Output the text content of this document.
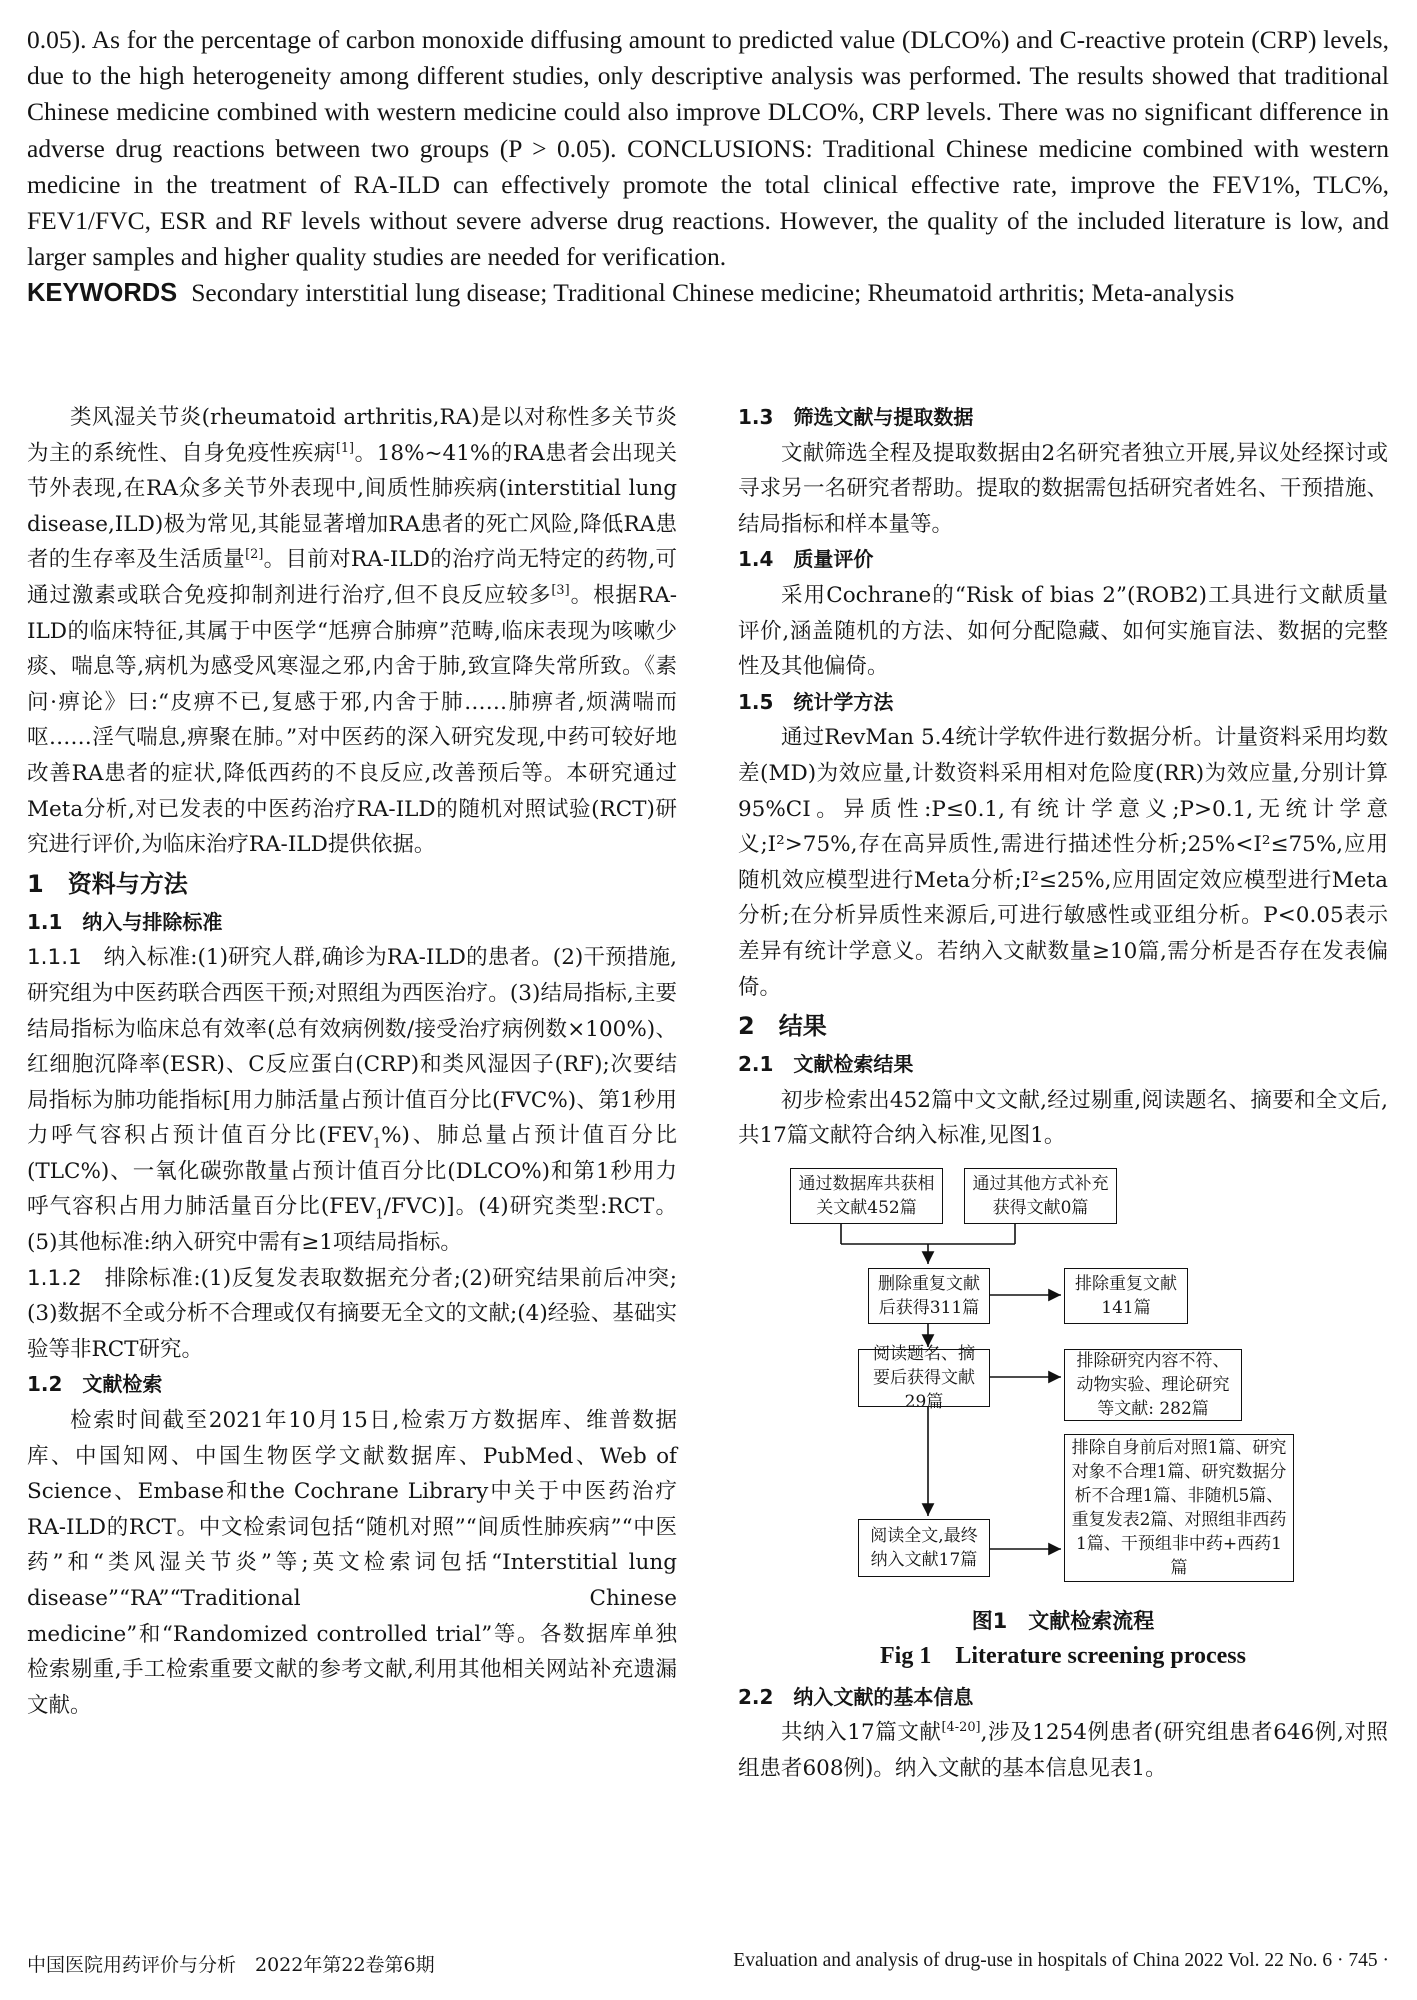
0.05). As for the percentage of carbon monoxide diffusing amount to predicted value (DLCO%) and C-reactive protein (CRP) levels, due to the high heterogeneity among different studies, only descriptive analysis was performed. The results showed that traditional Chinese medicine combined with western medicine could also improve DLCO%, CRP levels. There was no significant difference in adverse drug reactions between two groups (P > 0.05). CONCLUSIONS: Traditional Chinese medicine combined with western medicine in the treatment of RA-ILD can effectively promote the total clinical effective rate, improve the FEV1%, TLC%, FEV1/FVC, ESR and RF levels without severe adverse drug reactions. However, the quality of the included literature is low, and larger samples and higher quality studies are needed for verification.

KEYWORDS Secondary interstitial lung disease; Traditional Chinese medicine; Rheumatoid arthritis; Meta-analysis

类风湿关节炎(rheumatoid arthritis,RA)是以对称性多关节炎为主的系统性、自身免疫性疾病[1]。18%~41%的RA患者会出现关节外表现,在RA众多关节外表现中,间质性肺疾病(interstitial lung disease,ILD)极为常见,其能显著增加RA患者的死亡风险,降低RA患者的生存率及生活质量[2]。目前对RA-ILD的治疗尚无特定的药物,可通过激素或联合免疫抑制剂进行治疗,但不良反应较多[3]。根据RA-ILD的临床特征,其属于中医学“尪痹合肺痹”范畴,临床表现为咳嗽少痰、喘息等,病机为感受风寒湿之邪,内舍于肺,致宣降失常所致。《素问·痹论》曰:“皮痹不已,复感于邪,内舍于肺……肺痹者,烦满喘而呕……淫气喘息,痹聚在肺。”对中医药的深入研究发现,中药可较好地改善RA患者的症状,降低西药的不良反应,改善预后等。本研究通过Meta分析,对已发表的中医药治疗RA-ILD的随机对照试验(RCT)研究进行评价,为临床治疗RA-ILD提供依据。

1　资料与方法

1.1　纳入与排除标准

1.1.1　 纳入标准:(1)研究人群,确诊为RA-ILD的患者。(2)干预措施,研究组为中医药联合西医干预;对照组为西医治疗。(3)结局指标,主要结局指标为临床总有效率(总有效病例数/接受治疗病例数×100%)、红细胞沉降率(ESR)、C反应蛋白(CRP)和类风湿因子(RF);次要结局指标为肺功能指标[用力肺活量占预计值百分比(FVC%)、第1秒用力呼气容积占预计值百分比$(FEV_1\%)$、肺总量占预计值百分比(TLC%)、一氧化碳弥散量占预计值百分比(DLCO%)和第1秒用力呼气容积占用力肺活量百分比$(FEV_1/FVC)$]。(4)研究类型:RCT。(5)其他标准:纳入研究中需有≥1项结局指标。

1.1.2　 排除标准:(1)反复发表取数据充分者;(2)研究结果前后冲突;(3)数据不全或分析不合理或仅有摘要无全文的文献;(4)经验、基础实验等非RCT研究。

1.2　文献检索

检索时间截至2021年10月15日,检索万方数据库、维普数据库、中国知网、中国生物医学文献数据库、PubMed、Web of Science、Embase和the Cochrane Library中关于中医药治疗RA-ILD的RCT。中文检索词包括“随机对照”“间质性肺疾病”“中医药”和“类风湿关节炎”等;英文检索词包括“Interstitial lung disease”“RA”“Traditional Chinese medicine”和“Randomized controlled trial”等。各数据库单独检索剔重,手工检索重要文献的参考文献,利用其他相关网站补充遗漏文献。

1.3　筛选文献与提取数据

文献筛选全程及提取数据由2名研究者独立开展,异议处经探讨或寻求另一名研究者帮助。提取的数据需包括研究者姓名、干预措施、结局指标和样本量等。

1.4　质量评价

采用Cochrane的“Risk of bias 2”(ROB2)工具进行文献质量评价,涵盖随机的方法、如何分配隐藏、如何实施盲法、数据的完整性及其他偏倚。

1.5　统计学方法

通过RevMan 5.4统计学软件进行数据分析。计量资料采用均数差(MD)为效应量,计数资料采用相对危险度(RR)为效应量,分别计算95%CI。异质性:P≤0.1,有统计学意义;P>0.1,无统计学意义;I²>75%,存在高异质性,需进行描述性分析;25%<I²≤75%,应用随机效应模型进行Meta分析;I²≤25%,应用固定效应模型进行Meta分析;在分析异质性来源后,可进行敏感性或亚组分析。P<0.05表示差异有统计学意义。若纳入文献数量≥10篇,需分析是否存在发表偏倚。

2　结果

2.1　文献检索结果

初步检索出452篇中文文献,经过剔重,阅读题名、摘要和全文后,共17篇文献符合纳入标准,见图1。

通过数据库共获相关文献452篇
通过其他方式补充获得文献0篇
删除重复文献后获得311篇
排除重复文献141篇
阅读题名、摘要后获得文献29篇
排除研究内容不符、动物实验、理论研究等文献: 282篇
阅读全文,最终纳入文献17篇
排除自身前后对照1篇、研究对象不合理1篇、研究数据分析不合理1篇、非随机5篇、重复发表2篇、对照组非西药1篇、干预组非中药+西药1篇

图1　文献检索流程

Fig 1　Literature screening process

2.2　纳入文献的基本信息

共纳入17篇文献[4-20],涉及1254例患者(研究组患者646例,对照组患者608例)。纳入文献的基本信息见表1。

中国医院用药评价与分析　2022年第22卷第6期	Evaluation and analysis of drug-use in hospitals of China 2022 Vol. 22 No. 6 · 745 ·
